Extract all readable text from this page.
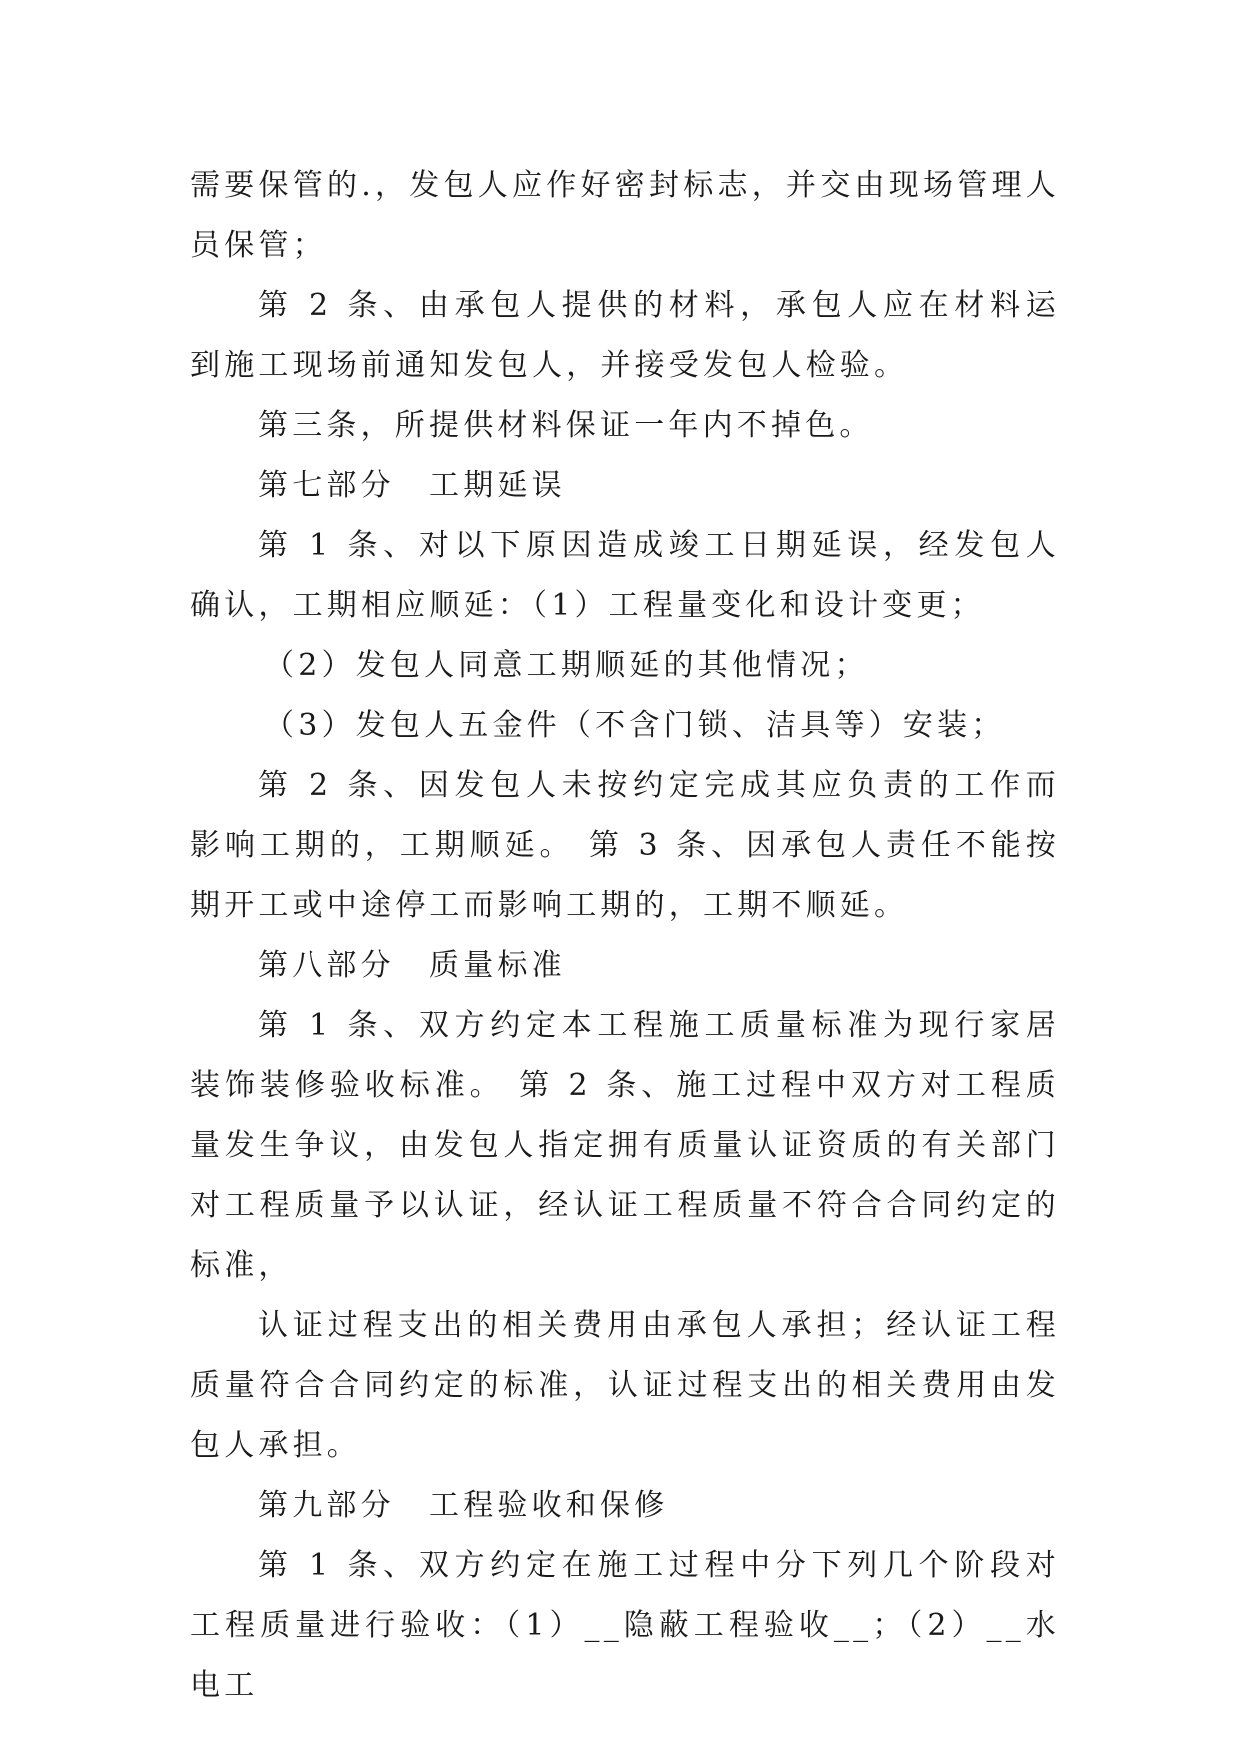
需要保管的.，发包人应作好密封标志，并交由现场管理人员保管；

第 2 条、由承包人提供的材料，承包人应在材料运到施工现场前通知发包人，并接受发包人检验。

第三条，所提供材料保证一年内不掉色。

第七部分　工期延误

第 1 条、对以下原因造成竣工日期延误，经发包人确认，工期相应顺延：（1）工程量变化和设计变更；

（2）发包人同意工期顺延的其他情况；

（3）发包人五金件（不含门锁、洁具等）安装；

第 2 条、因发包人未按约定完成其应负责的工作而影响工期的，工期顺延。 第 3 条、因承包人责任不能按期开工或中途停工而影响工期的，工期不顺延。

第八部分　质量标准

第 1 条、双方约定本工程施工质量标准为现行家居装饰装修验收标准。 第 2 条、施工过程中双方对工程质量发生争议，由发包人指定拥有质量认证资质的有关部门对工程质量予以认证，经认证工程质量不符合合同约定的标准，

认证过程支出的相关费用由承包人承担；经认证工程质量符合合同约定的标准，认证过程支出的相关费用由发包人承担。

第九部分　工程验收和保修

第 1 条、双方约定在施工过程中分下列几个阶段对工程质量进行验收：（1）__隐蔽工程验收__；（2）__水电工
